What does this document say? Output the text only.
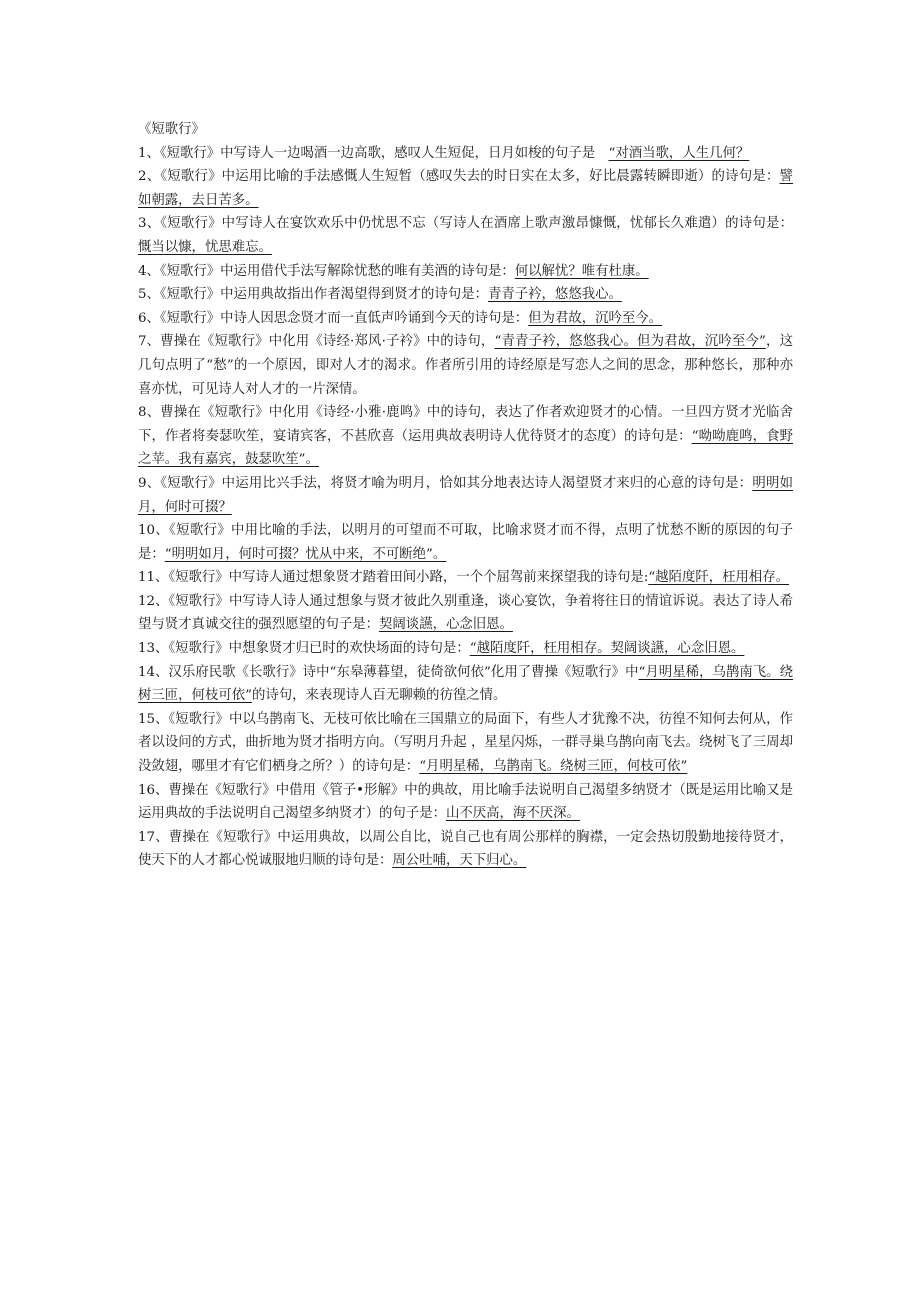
《短歌行》

1、《短歌行》中写诗人一边喝酒一边高歌，感叹人生短促，日月如梭的句子是　“对酒当歌，人生几何？

2、《短歌行》中运用比喻的手法感慨人生短暂（感叹失去的时日实在太多，好比晨露转瞬即逝）的诗句是：譬如朝露，去日苦多。

3、《短歌行》中写诗人在宴饮欢乐中仍忧思不忘（写诗人在酒席上歌声激昂慷慨，忧郁长久难遣）的诗句是：慨当以慷，忧思难忘。

4、《短歌行》中运用借代手法写解除忧愁的唯有美酒的诗句是：何以解忧？唯有杜康。

5、《短歌行》中运用典故指出作者渴望得到贤才的诗句是：青青子衿，悠悠我心。

6、《短歌行》中诗人因思念贤才而一直低声吟诵到今天的诗句是：但为君故，沉吟至今。

7、曹操在《短歌行》中化用《诗经·郑风·子衿》中的诗句，“青青子衿，悠悠我心。但为君故，沉吟至今”，这几句点明了“愁”的一个原因，即对人才的渴求。作者所引用的诗经原是写恋人之间的思念，那种悠长，那种亦喜亦忧，可见诗人对人才的一片深情。

8、曹操在《短歌行》中化用《诗经·小雅·鹿鸣》中的诗句，表达了作者欢迎贤才的心情。一旦四方贤才光临舍下，作者将奏瑟吹笙，宴请宾客，不甚欣喜（运用典故表明诗人优待贤才的态度）的诗句是：“呦呦鹿鸣，食野之苹。我有嘉宾，鼓瑟吹笙”。

9、《短歌行》中运用比兴手法，将贤才喻为明月，恰如其分地表达诗人渴望贤才来归的心意的诗句是：明明如月，何时可掇？

10、《短歌行》中用比喻的手法，以明月的可望而不可取，比喻求贤才而不得，点明了忧愁不断的原因的句子是：“明明如月，何时可掇？忧从中来，不可断绝”。

11、《短歌行》中写诗人通过想象贤才踏着田间小路，一个个屈驾前来探望我的诗句是:“越陌度阡，枉用相存。

12、《短歌行》中写诗人诗人通过想象与贤才彼此久别重逢，谈心宴饮，争着将往日的情谊诉说。表达了诗人希望与贤才真诚交往的强烈愿望的句子是：契阔谈讌，心念旧恩。

13、《短歌行》中想象贤才归已时的欢快场面的诗句是：“越陌度阡，枉用相存。契阔谈讌，心念旧恩。

14、汉乐府民歌《长歌行》诗中“东皋薄暮望，徒倚欲何依”化用了曹操《短歌行》中“月明星稀，乌鹊南飞。绕树三匝，何枝可依”的诗句，来表现诗人百无聊赖的彷徨之情。

15、《短歌行》中以乌鹊南飞、无枝可依比喻在三国鼎立的局面下，有些人才犹豫不决，彷徨不知何去何从，作者以设问的方式，曲折地为贤才指明方向。（写明月升起 ，星星闪烁，一群寻巢乌鹊向南飞去。绕树飞了三周却没敛翅，哪里才有它们栖身之所？）的诗句是：“月明星稀，乌鹊南飞。绕树三匝，何枝可依”

16、曹操在《短歌行》中借用《管子•形解》中的典故，用比喻手法说明自己渴望多纳贤才（既是运用比喻又是运用典故的手法说明自己渴望多纳贤才）的句子是：山不厌高，海不厌深。

17、曹操在《短歌行》中运用典故，以周公自比，说自己也有周公那样的胸襟，一定会热切殷勤地接待贤才，使天下的人才都心悦诚服地归顺的诗句是：周公吐哺，天下归心。
